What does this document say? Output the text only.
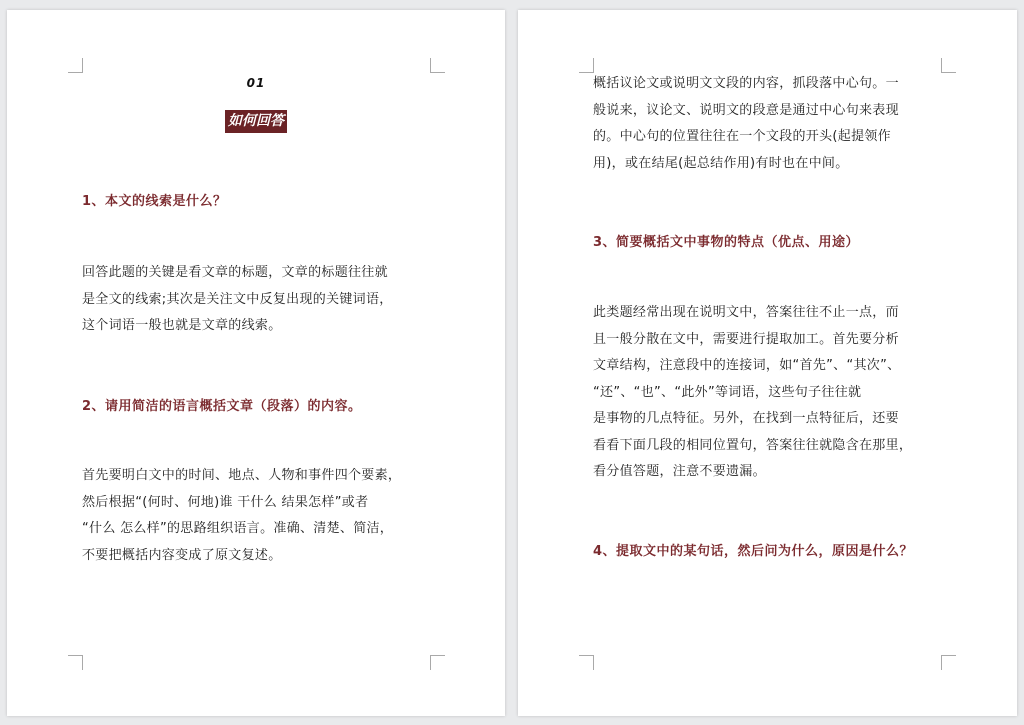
01
如何回答
1、本文的线索是什么？
回答此题的关键是看文章的标题，文章的标题往往就
是全文的线索;其次是关注文中反复出现的关键词语，
这个词语一般也就是文章的线索。
2、请用简洁的语言概括文章（段落）的内容。
首先要明白文中的时间、地点、人物和事件四个要素，
然后根据“(何时、何地)谁 干什么 结果怎样”或者
“什么 怎么样”的思路组织语言。准确、清楚、简洁，
不要把概括内容变成了原文复述。
概括议论文或说明文文段的内容，抓段落中心句。一
般说来，议论文、说明文的段意是通过中心句来表现
的。中心句的位置往往在一个文段的开头(起提领作
用)，或在结尾(起总结作用)有时也在中间。
3、简要概括文中事物的特点（优点、用途）
此类题经常出现在说明文中，答案往往不止一点，而
且一般分散在文中，需要进行提取加工。首先要分析
文章结构，注意段中的连接词，如“首先”、“其次”、
“还”、“也”、“此外”等词语，这些句子往往就
是事物的几点特征。另外，在找到一点特征后，还要
看看下面几段的相同位置句，答案往往就隐含在那里，
看分值答题，注意不要遗漏。
4、提取文中的某句话，然后问为什么，原因是什么？
